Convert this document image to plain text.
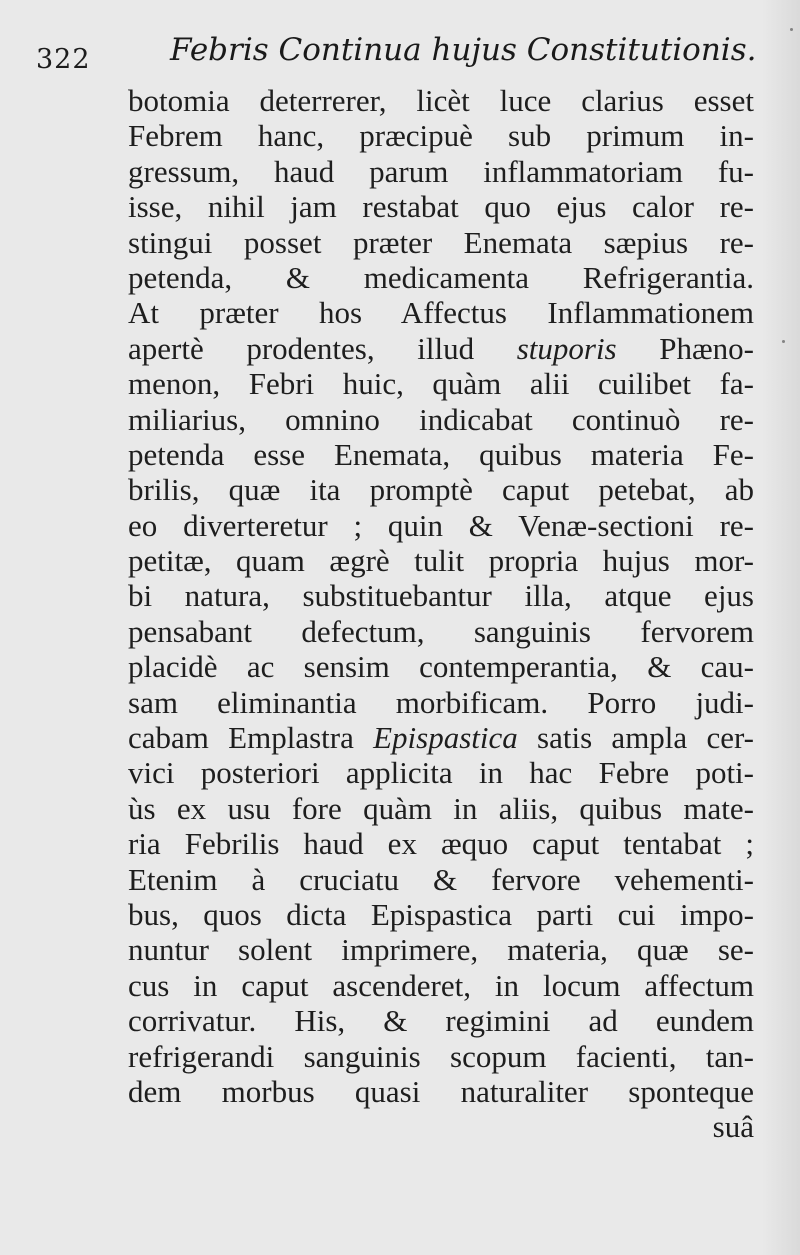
322	Febris Continua hujus Constitutionis.
botomia deterrerer, licèt luce clarius esset
Febrem hanc, præcipuè sub primum in-
gressum, haud parum inflammatoriam fu-
isse, nihil jam restabat quo ejus calor re-
stingui posset præter Enemata sæpius re-
petenda, & medicamenta Refrigerantia.
At præter hos Affectus Inflammationem
apertè prodentes, illud stuporis Phæno-
menon, Febri huic, quàm alii cuilibet fa-
miliarius, omnino indicabat continuò re-
petenda esse Enemata, quibus materia Fe-
brilis, quæ ita promptè caput petebat, ab
eo diverteretur ; quin & Venæ-sectioni re-
petitæ, quam ægrè tulit propria hujus mor-
bi natura, substituebantur illa, atque ejus
pensabant defectum, sanguinis fervorem
placidè ac sensim contemperantia, & cau-
sam eliminantia morbificam. Porro judi-
cabam Emplastra Epispastica satis ampla cer-
vici posteriori applicita in hac Febre poti-
ùs ex usu fore quàm in aliis, quibus mate-
ria Febrilis haud ex æquo caput tentabat ;
Etenim à cruciatu & fervore vehementi-
bus, quos dicta Epispastica parti cui impo-
nuntur solent imprimere, materia, quæ se-
cus in caput ascenderet, in locum affectum
corrivatur. His, & regimini ad eundem
refrigerandi sanguinis scopum facienti, tan-
dem morbus quasi naturaliter sponteque
suâ
